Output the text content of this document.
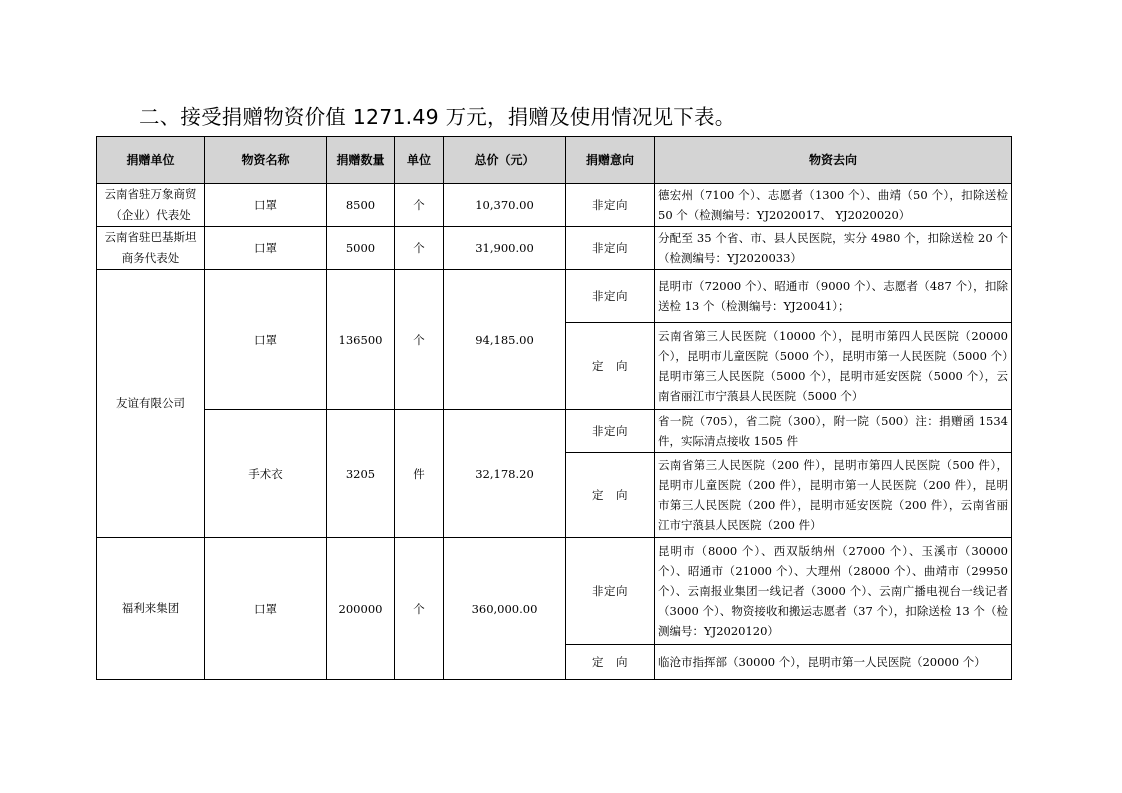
二、接受捐赠物资价值 1271.49 万元，捐赠及使用情况见下表。
捐赠单位	物资名称	捐赠数量	单位	总价（元）	捐赠意向	物资去向
云南省驻万象商贸（企业）代表处	口罩	8500	个	10,370.00	非定向	德宏州（7100 个）、志愿者（1300 个）、曲靖（50 个），扣除送检 50 个（检测编号：YJ2020017、 YJ2020020）
云南省驻巴基斯坦商务代表处	口罩	5000	个	31,900.00	非定向	分配至 35 个省、市、县人民医院，实分 4980 个，扣除送检 20 个（检测编号：YJ2020033）
友谊有限公司	口罩	136500	个	94,185.00	非定向	昆明市（72000 个）、昭通市（9000 个）、志愿者（487 个），扣除送检 13 个（检测编号：YJ20041）；
					定　向	云南省第三人民医院（10000 个），昆明市第四人民医院（20000 个），昆明市儿童医院（5000 个），昆明市第一人民医院（5000 个）昆明市第三人民医院（5000 个），昆明市延安医院（5000 个），云南省丽江市宁蒗县人民医院（5000 个）
	手术衣	3205	件	32,178.20	非定向	省一院（705），省二院（300），附一院（500）注：捐赠函 1534 件，实际清点接收 1505 件
					定　向	云南省第三人民医院（200 件），昆明市第四人民医院（500 件），昆明市儿童医院（200 件），昆明市第一人民医院（200 件），昆明市第三人民医院（200 件），昆明市延安医院（200 件），云南省丽江市宁蒗县人民医院（200 件）
福利来集团	口罩	200000	个	360,000.00	非定向	昆明市（8000 个）、西双版纳州（27000 个）、玉溪市（30000 个）、昭通市（21000 个）、大理州（28000 个）、曲靖市（29950 个）、云南报业集团一线记者（3000 个）、云南广播电视台一线记者（3000 个）、物资接收和搬运志愿者（37 个），扣除送检 13 个（检测编号：YJ2020120）
					定　向	临沧市指挥部（30000 个），昆明市第一人民医院（20000 个）
